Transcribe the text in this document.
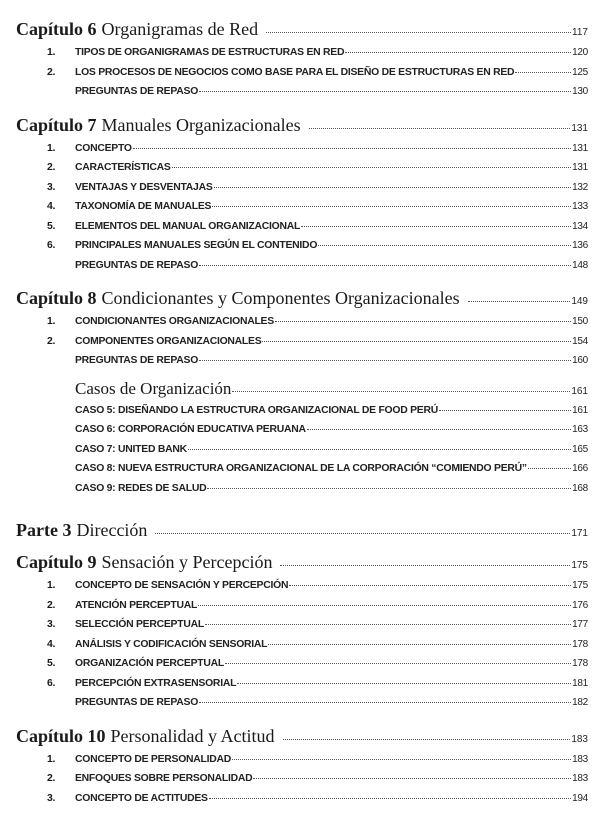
Capítulo 6 Organigramas de Red	117
1.	TIPOS DE ORGANIGRAMAS DE ESTRUCTURAS EN RED	120
2.	LOS PROCESOS DE NEGOCIOS COMO BASE PARA EL DISEÑO DE ESTRUCTURAS EN RED	125
PREGUNTAS DE REPASO	130
Capítulo 7 Manuales Organizacionales	131
1.	CONCEPTO	131
2.	CARACTERÍSTICAS	131
3.	VENTAJAS Y DESVENTAJAS	132
4.	TAXONOMÍA DE MANUALES	133
5.	ELEMENTOS DEL MANUAL ORGANIZACIONAL	134
6.	PRINCIPALES MANUALES SEGÚN EL CONTENIDO	136
PREGUNTAS DE REPASO	148
Capítulo 8 Condicionantes y Componentes Organizacionales	149
1.	CONDICIONANTES ORGANIZACIONALES	150
2.	COMPONENTES ORGANIZACIONALES	154
PREGUNTAS DE REPASO	160
Casos de Organización	161
CASO 5: DISEÑANDO LA ESTRUCTURA ORGANIZACIONAL DE FOOD PERÚ	161
CASO 6: CORPORACIÓN EDUCATIVA PERUANA	163
CASO 7: UNITED BANK	165
CASO 8: NUEVA ESTRUCTURA ORGANIZACIONAL DE LA CORPORACIÓN “COMIENDO PERÚ”	166
CASO 9: REDES DE SALUD	168
Parte 3 Dirección	171
Capítulo 9 Sensación y Percepción	175
1.	CONCEPTO DE SENSACIÓN Y PERCEPCIÓN	175
2.	ATENCIÓN PERCEPTUAL	176
3.	SELECCIÓN PERCEPTUAL	177
4.	ANÁLISIS Y CODIFICACIÓN SENSORIAL	178
5.	ORGANIZACIÓN PERCEPTUAL	178
6.	PERCEPCIÓN EXTRASENSORIAL	181
PREGUNTAS DE REPASO	182
Capítulo 10 Personalidad y Actitud	183
1.	CONCEPTO DE PERSONALIDAD	183
2.	ENFOQUES SOBRE PERSONALIDAD	183
3.	CONCEPTO DE ACTITUDES	194
